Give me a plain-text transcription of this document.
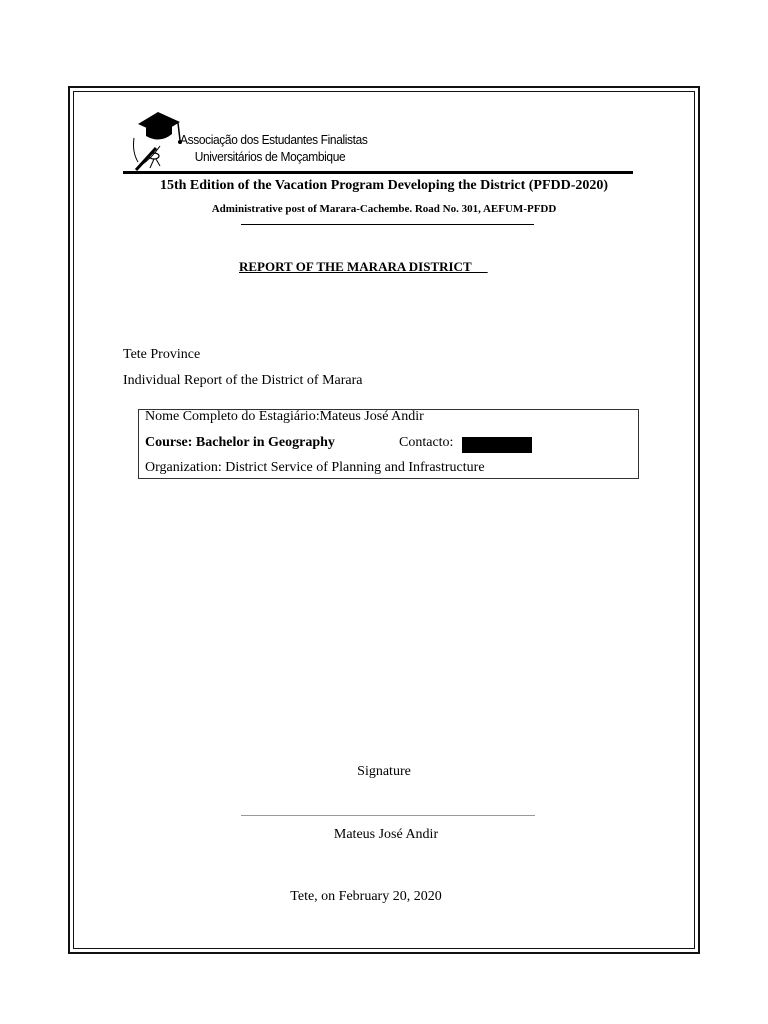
Associação dos Estudantes Finalistas
Universitários de Moçambique
15th Edition of the Vacation Program Developing the District (PFDD-2020)
Administrative post of Marara-Cachembe. Road No. 301, AEFUM-PFDD
REPORT OF THE MARARA DISTRICT
Tete Province
Individual Report of the District of Marara
Nome Completo do Estagiário:Mateus José Andir
Course: Bachelor in Geography	Contacto:
Organization: District Service of Planning and Infrastructure
Signature
Mateus José Andir
Tete, on February 20, 2020
